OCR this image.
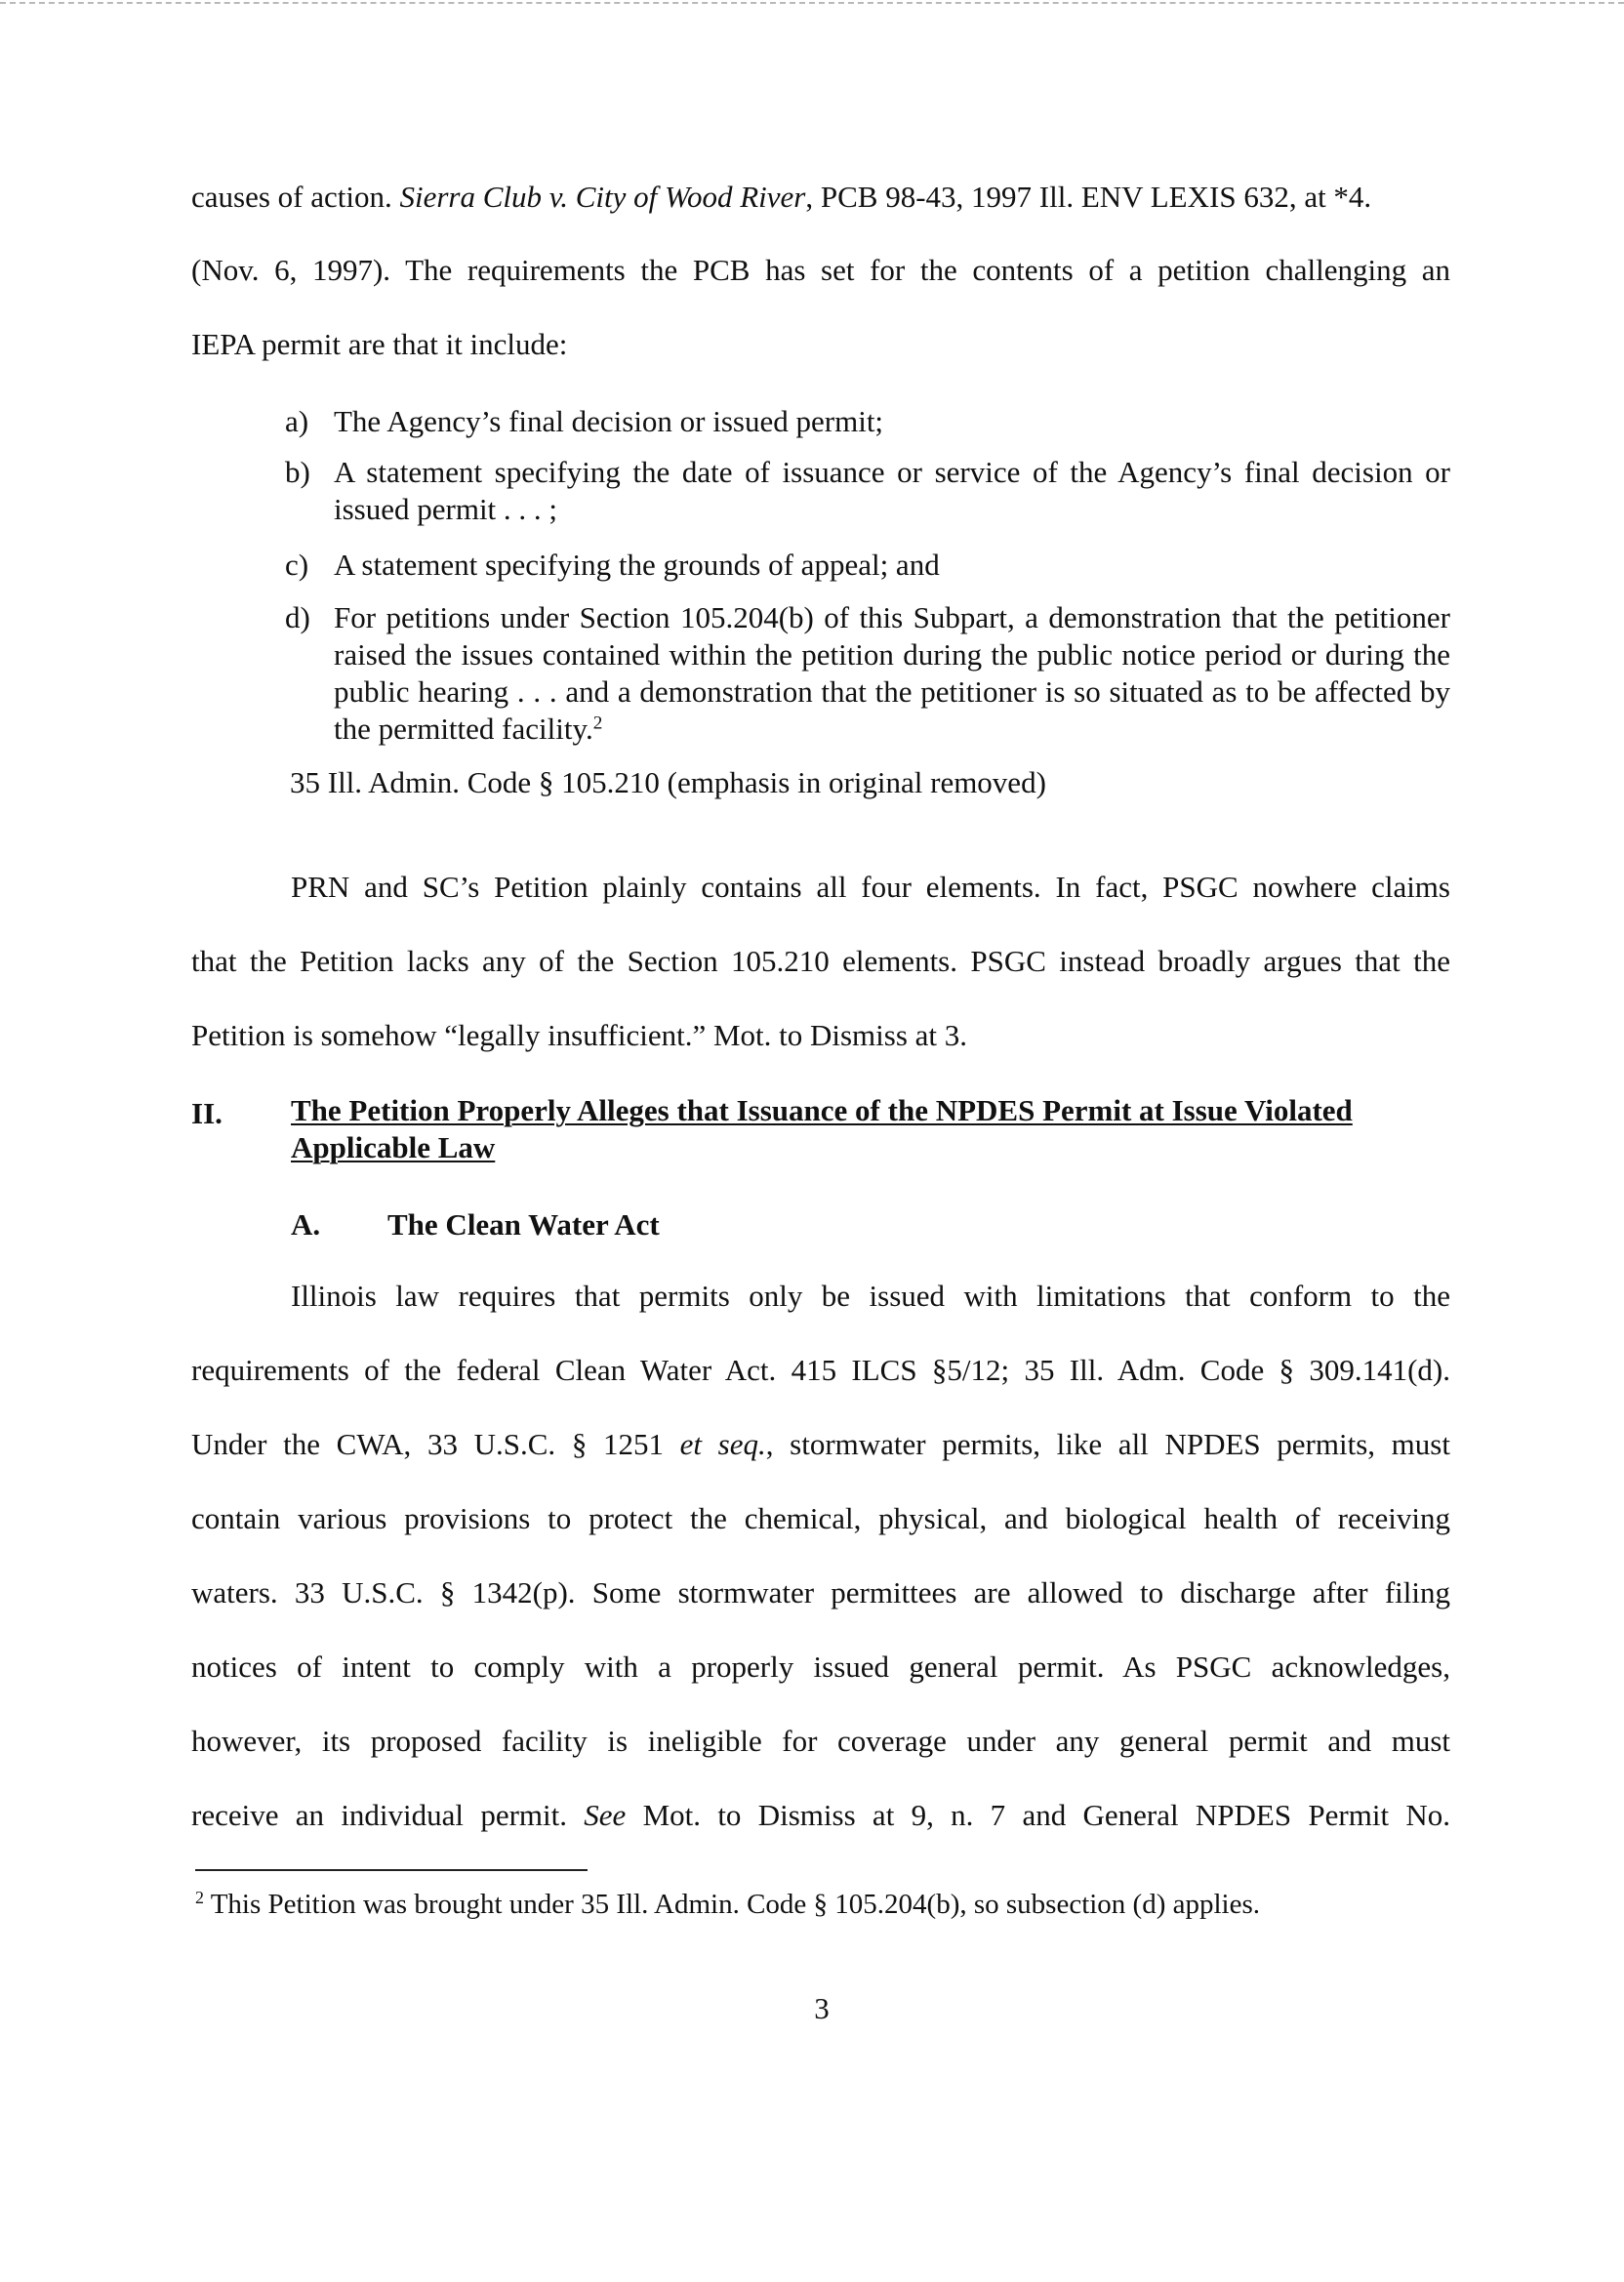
causes of action. Sierra Club v. City of Wood River, PCB 98-43, 1997 Ill. ENV LEXIS 632, at *4.
(Nov. 6, 1997). The requirements the PCB has set for the contents of a petition challenging an
IEPA permit are that it include:
a) The Agency’s final decision or issued permit;
b) A statement specifying the date of issuance or service of the Agency’s final decision or issued permit . . . ;
c) A statement specifying the grounds of appeal; and
d) For petitions under Section 105.204(b) of this Subpart, a demonstration that the petitioner raised the issues contained within the petition during the public notice period or during the public hearing . . . and a demonstration that the petitioner is so situated as to be affected by the permitted facility.$^2$
35 Ill. Admin. Code § 105.210 (emphasis in original removed)
PRN and SC’s Petition plainly contains all four elements. In fact, PSGC nowhere claims
that the Petition lacks any of the Section 105.210 elements. PSGC instead broadly argues that the
Petition is somehow “legally insufficient.” Mot. to Dismiss at 3.
II. The Petition Properly Alleges that Issuance of the NPDES Permit at Issue Violated Applicable Law
A. The Clean Water Act
Illinois law requires that permits only be issued with limitations that conform to the
requirements of the federal Clean Water Act. 415 ILCS §5/12; 35 Ill. Adm. Code § 309.141(d).
Under the CWA, 33 U.S.C. § 1251 et seq., stormwater permits, like all NPDES permits, must
contain various provisions to protect the chemical, physical, and biological health of receiving
waters. 33 U.S.C. § 1342(p). Some stormwater permittees are allowed to discharge after filing
notices of intent to comply with a properly issued general permit. As PSGC acknowledges,
however, its proposed facility is ineligible for coverage under any general permit and must
receive an individual permit. See Mot. to Dismiss at 9, n. 7 and General NPDES Permit No.
$^2$ This Petition was brought under 35 Ill. Admin. Code § 105.204(b), so subsection (d) applies.
3
